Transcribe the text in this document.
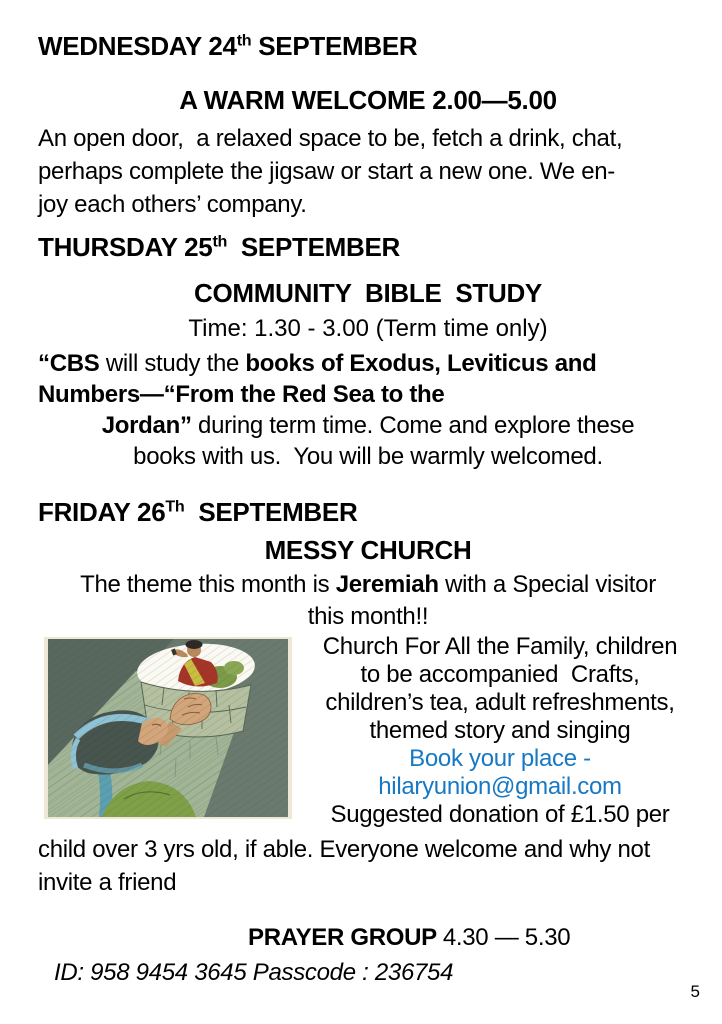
WEDNESDAY 24th SEPTEMBER
A WARM WELCOME 2.00—5.00
An open door,  a relaxed space to be, fetch a drink, chat,
perhaps complete the jigsaw or start a new one. We en-
joy each others’ company.
THURSDAY 25th  SEPTEMBER
COMMUNITY  BIBLE  STUDY
Time: 1.30 - 3.00 (Term time only)
“CBS will study the books of Exodus, Leviticus and
Numbers—“From the Red Sea to the
Jordan” during term time. Come and explore these
books with us.  You will be warmly welcomed.
FRIDAY 26Th  SEPTEMBER
MESSY CHURCH
The theme this month is Jeremiah with a Special visitor
this month!!
Church For All the Family, children
to be accompanied  Crafts,
children’s tea, adult refreshments,
themed story and singing
Book your place -
hilaryunion@gmail.com
Suggested donation of £1.50 per
child over 3 yrs old, if able. Everyone welcome and why not
invite a friend
PRAYER GROUP 4.30 — 5.30
ID: 958 9454 3645 Passcode : 236754
5
